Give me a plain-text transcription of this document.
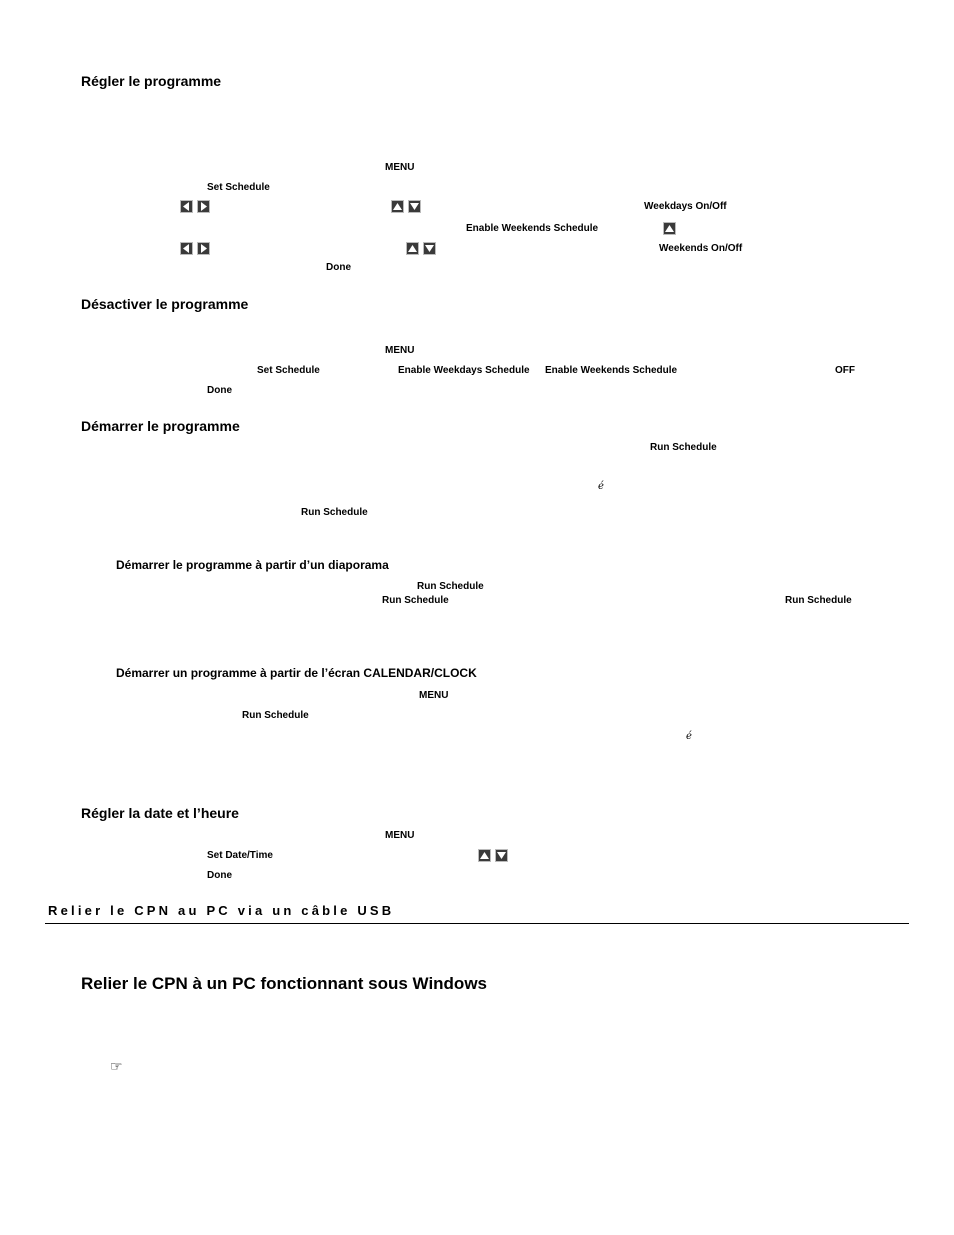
Régler le programme
MENU
Set Schedule
Weekdays On/Off
Enable Weekends Schedule
Weekends On/Off
Done
Désactiver le programme
MENU
Set Schedule	Enable Weekdays Schedule Enable Weekends Schedule	OFF
Done
Démarrer le programme
Run Schedule
é
Run Schedule
Démarrer le programme à partir d’un diaporama
Run Schedule
Run Schedule	Run Schedule
Démarrer un programme à partir de l’écran CALENDAR/CLOCK
MENU
Run Schedule
é
Régler la date et l’heure
MENU
Set Date/Time
Done
Relier le CPN au PC via un câble USB
Relier le CPN à un PC fonctionnant sous Windows
☞
